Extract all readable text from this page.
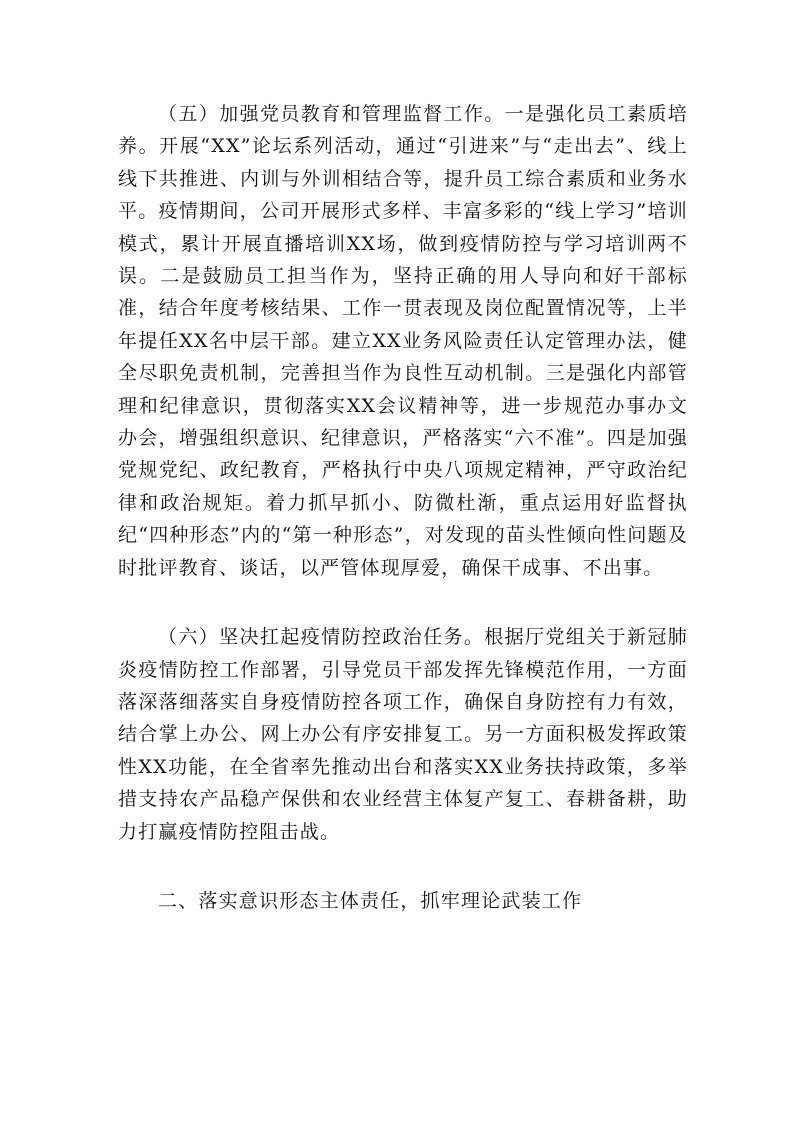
（五）加强党员教育和管理监督工作。一是强化员工素质培养。开展“XX”论坛系列活动，通过“引进来”与“走出去”、线上线下共推进、内训与外训相结合等，提升员工综合素质和业务水平。疫情期间，公司开展形式多样、丰富多彩的“线上学习”培训模式，累计开展直播培训XX场，做到疫情防控与学习培训两不误。二是鼓励员工担当作为，坚持正确的用人导向和好干部标准，结合年度考核结果、工作一贯表现及岗位配置情况等，上半年提任XX名中层干部。建立XX业务风险责任认定管理办法，健全尽职免责机制，完善担当作为良性互动机制。三是强化内部管理和纪律意识，贯彻落实XX会议精神等，进一步规范办事办文办会，增强组织意识、纪律意识，严格落实“六不准”。四是加强党规党纪、政纪教育，严格执行中央八项规定精神，严守政治纪律和政治规矩。着力抓早抓小、防微杜渐，重点运用好监督执纪“四种形态”内的“第一种形态”，对发现的苗头性倾向性问题及时批评教育、谈话，以严管体现厚爱，确保干成事、不出事。

（六）坚决扛起疫情防控政治任务。根据厅党组关于新冠肺炎疫情防控工作部署，引导党员干部发挥先锋模范作用，一方面落深落细落实自身疫情防控各项工作，确保自身防控有力有效，结合掌上办公、网上办公有序安排复工。另一方面积极发挥政策性XX功能，在全省率先推动出台和落实XX业务扶持政策，多举措支持农产品稳产保供和农业经营主体复产复工、春耕备耕，助力打赢疫情防控阻击战。

二、落实意识形态主体责任，抓牢理论武装工作
